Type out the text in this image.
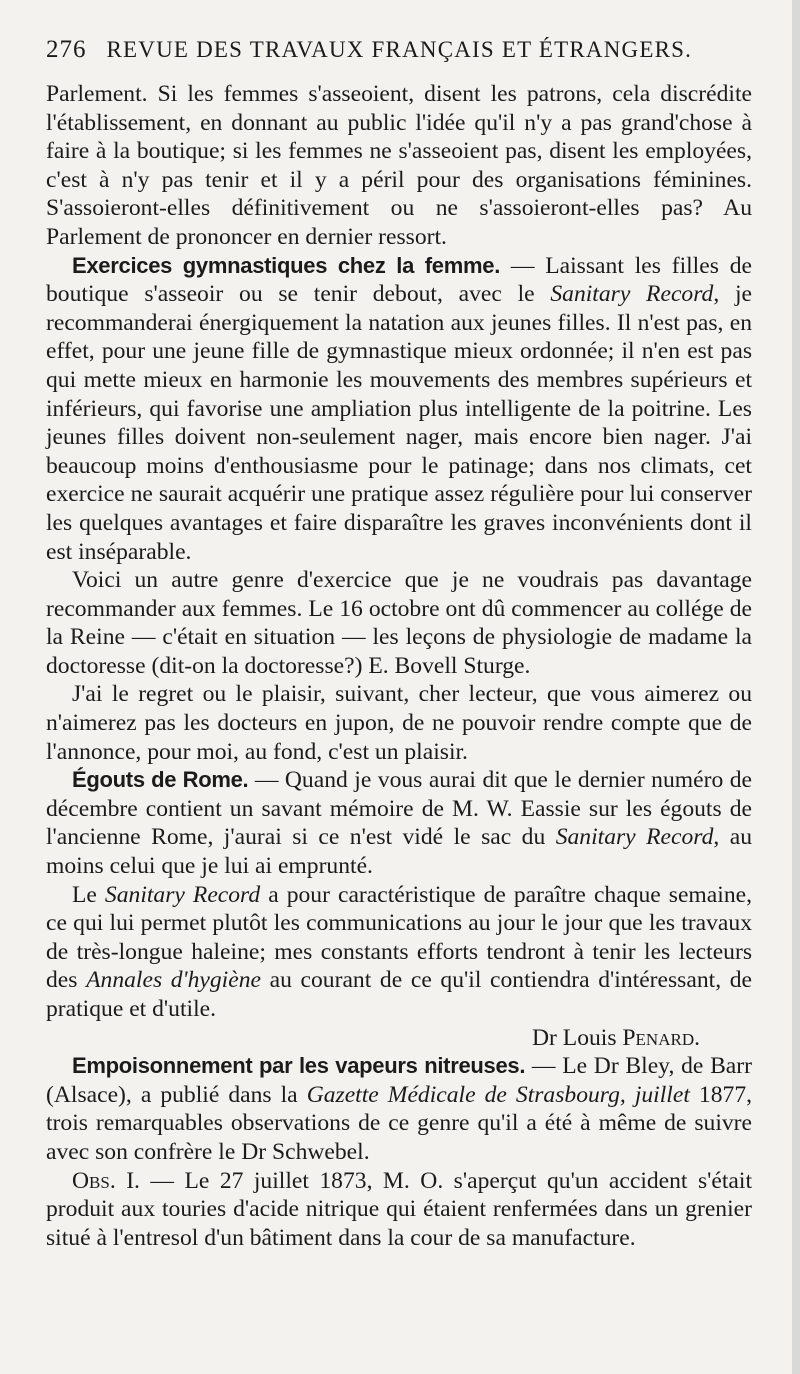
276 REVUE DES TRAVAUX FRANÇAIS ET ÉTRANGERS.

Parlement. Si les femmes s'asseoient, disent les patrons, cela discrédite l'établissement, en donnant au public l'idée qu'il n'y a pas grand'chose à faire à la boutique; si les femmes ne s'asseoient pas, disent les employées, c'est à n'y pas tenir et il y a péril pour des organisations féminines. S'assoieront-elles définitivement ou ne s'assoieront-elles pas? Au Parlement de prononcer en dernier ressort.

Exercices gymnastiques chez la femme. — Laissant les filles de boutique s'asseoir ou se tenir debout, avec le Sanitary Record, je recommanderai énergiquement la natation aux jeunes filles. Il n'est pas, en effet, pour une jeune fille de gymnastique mieux ordonnée; il n'en est pas qui mette mieux en harmonie les mouvements des membres supérieurs et inférieurs, qui favorise une ampliation plus intelligente de la poitrine. Les jeunes filles doivent non-seulement nager, mais encore bien nager. J'ai beaucoup moins d'enthousiasme pour le patinage; dans nos climats, cet exercice ne saurait acquérir une pratique assez régulière pour lui conserver les quelques avantages et faire disparaître les graves inconvénients dont il est inséparable.

Voici un autre genre d'exercice que je ne voudrais pas davantage recommander aux femmes. Le 16 octobre ont dû commencer au collége de la Reine — c'était en situation — les leçons de physiologie de madame la doctoresse (dit-on la doctoresse?) E. Bovell Sturge.

J'ai le regret ou le plaisir, suivant, cher lecteur, que vous aimerez ou n'aimerez pas les docteurs en jupon, de ne pouvoir rendre compte que de l'annonce, pour moi, au fond, c'est un plaisir.

Égouts de Rome. — Quand je vous aurai dit que le dernier numéro de décembre contient un savant mémoire de M. W. Eassie sur les égouts de l'ancienne Rome, j'aurai si ce n'est vidé le sac du Sanitary Record, au moins celui que je lui ai emprunté.

Le Sanitary Record a pour caractéristique de paraître chaque semaine, ce qui lui permet plutôt les communications au jour le jour que les travaux de très-longue haleine; mes constants efforts tendront à tenir les lecteurs des Annales d'hygiène au courant de ce qu'il contiendra d'intéressant, de pratique et d'utile.

Dr Louis Penard.

Empoisonnement par les vapeurs nitreuses. — Le Dr Bley, de Barr (Alsace), a publié dans la Gazette Médicale de Strasbourg, juillet 1877, trois remarquables observations de ce genre qu'il a été à même de suivre avec son confrère le Dr Schwebel.

Obs. I. — Le 27 juillet 1873, M. O. s'aperçut qu'un accident s'était produit aux touries d'acide nitrique qui étaient renfermées dans un grenier situé à l'entresol d'un bâtiment dans la cour de sa manufacture.
